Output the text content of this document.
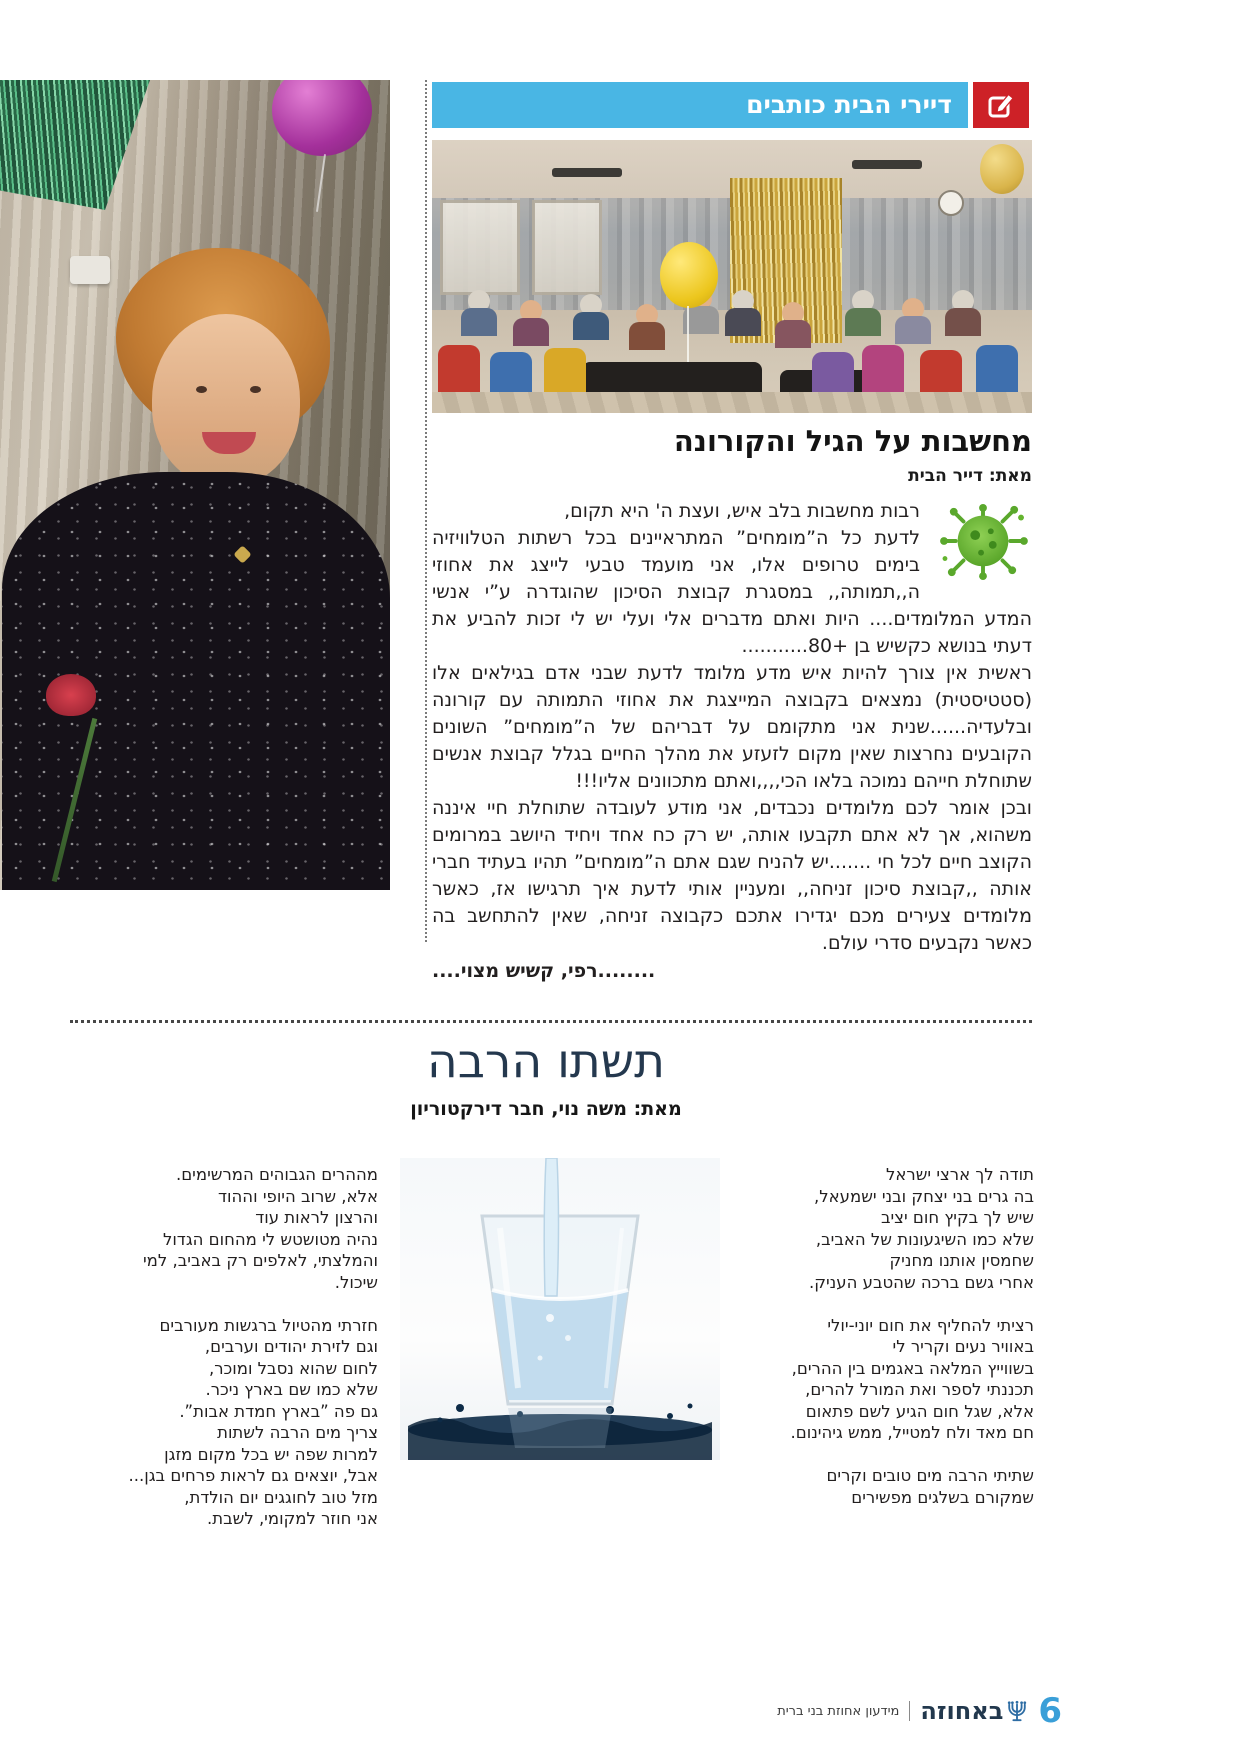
דיירי הבית כותבים
מחשבות על הגיל והקורונה
מאת: דייר הבית
רבות מחשבות בלב איש, ועצת ה' היא תקום,
לדעת כל ה”מומחים” המתראיינים בכל רשתות הטלוויזיה בימים טרופים אלו, אני מועמד טבעי לייצג את אחוזי ה,,תמותה,, במסגרת קבוצת הסיכון שהוגדרה ע”י אנשי המדע המלומדים.... היות ואתם מדברים אלי ועלי יש לי זכות להביע את דעתי בנושא כקשיש בן +80...........
ראשית אין צורך להיות איש מדע מלומד לדעת שבני אדם בגילאים אלו (סטטיסטית) נמצאים בקבוצה המייצגת את אחוזי התמותה עם קורונה ובלעדיה......שנית אני מתקומם על דבריהם של ה”מומחים” השונים הקובעים נחרצות שאין מקום לזעזע את מהלך החיים בגלל קבוצת אנשים שתוחלת חייהם נמוכה בלאו הכי,,,,ואתם מתכוונים אליו!!!
ובכן אומר לכם מלומדים נכבדים, אני מודע לעובדה שתוחלת חיי איננה משהוא, אך לא אתם תקבעו אותה, יש רק כח אחד ויחיד היושב במרומים הקוצב חיים לכל חי .......יש להניח שגם אתם ה”מומחים” תהיו בעתיד חברי אותה ,,קבוצת סיכון זניחה,, ומעניין אותי לדעת איך תרגישו אז, כאשר מלומדים צעירים מכם יגדירו אתכם כקבוצה זניחה, שאין להתחשב בה כאשר נקבעים סדרי עולם.
........רפי, קשיש מצוי....
תשתו הרבה
מאת: משה נוי, חבר דירקטוריון
תודה לך ארצי ישראל
בה גרים בני יצחק ובני ישמעאל,
שיש לך בקיץ חום יציב
שלא כמו השיגעונות של האביב,
שחמסין אותנו מחניק
אחרי גשם ברכה שהטבע העניק.

רציתי להחליף את חום יוני-יולי
באוויר נעים וקריר לי
בשווייץ המלאה באגמים בין ההרים,
תכננתי לספר ואת המורל להרים,
אלא, שגל חום הגיע לשם פתאום
חם מאד ולח למטייל, ממש גיהינום.

שתיתי הרבה מים טובים וקרים
שמקורם בשלגים מפשירים
מההרים הגבוהים המרשימים.
אלא, שרוב היופי וההוד
והרצון לראות עוד
נהיה מטושטש לי מהחום הגדול
והמלצתי, לאלפים רק באביב, למי שיכול.

חזרתי מהטיול ברגשות מעורבים
וגם לזירת יהודים וערבים,
לחום שהוא נסבל ומוכר,
שלא כמו שם בארץ ניכר.
גם פה ”בארץ חמדת אבות”.
צריך מים הרבה לשתות
למרות שפה יש בכל מקום מזגן
אבל, יוצאים גם לראות פרחים בגן...
מזל טוב לחוגגים יום הולדת,
אני חוזר למקומי, לשבת.
6
באחוזה
מידעון אחוזת בני ברית
